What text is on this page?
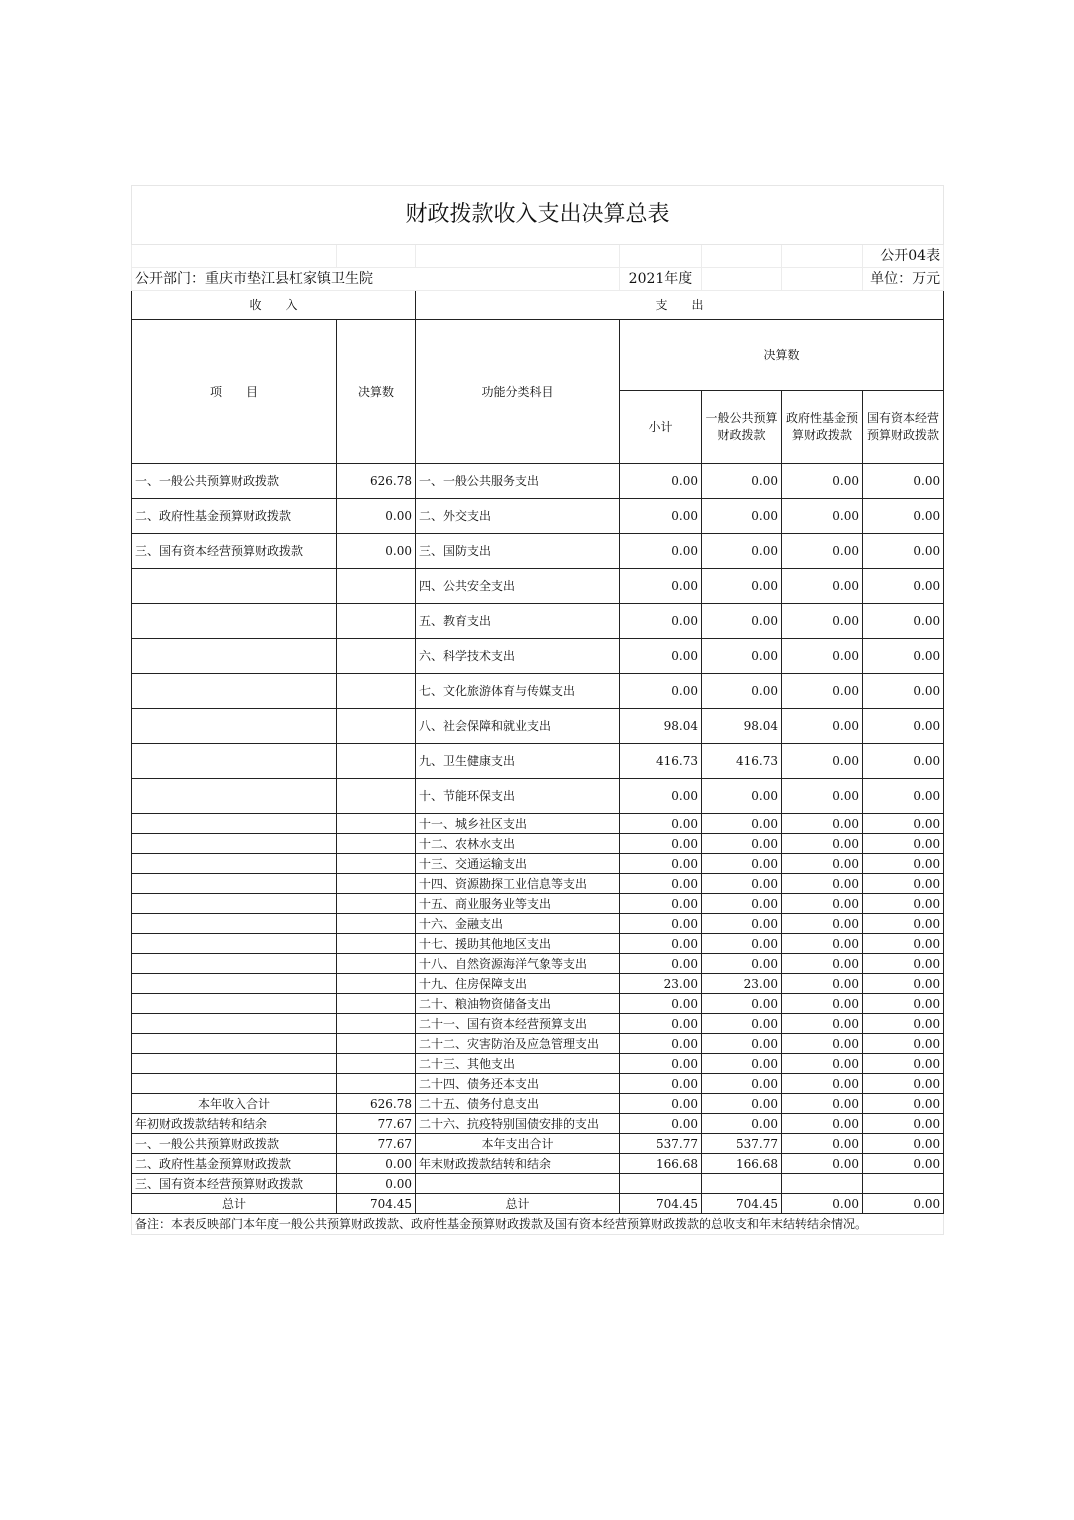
财政拨款收入支出决算总表						
						公开04表
公开部门：重庆市垫江县杠家镇卫生院			2021年度			单位：万元
收　　入		支　　出				
项　　目	决算数	功能分类科目	决算数			
			小计	一般公共预算财政拨款	政府性基金预算财政拨款	国有资本经营预算财政拨款
一、一般公共预算财政拨款	626.78	一、一般公共服务支出	0.00	0.00	0.00	0.00
二、政府性基金预算财政拨款	0.00	二、外交支出	0.00	0.00	0.00	0.00
三、国有资本经营预算财政拨款	0.00	三、国防支出	0.00	0.00	0.00	0.00
		四、公共安全支出	0.00	0.00	0.00	0.00
		五、教育支出	0.00	0.00	0.00	0.00
		六、科学技术支出	0.00	0.00	0.00	0.00
		七、文化旅游体育与传媒支出	0.00	0.00	0.00	0.00
		八、社会保障和就业支出	98.04	98.04	0.00	0.00
		九、卫生健康支出	416.73	416.73	0.00	0.00
		十、节能环保支出	0.00	0.00	0.00	0.00
		十一、城乡社区支出	0.00	0.00	0.00	0.00
		十二、农林水支出	0.00	0.00	0.00	0.00
		十三、交通运输支出	0.00	0.00	0.00	0.00
		十四、资源勘探工业信息等支出	0.00	0.00	0.00	0.00
		十五、商业服务业等支出	0.00	0.00	0.00	0.00
		十六、金融支出	0.00	0.00	0.00	0.00
		十七、援助其他地区支出	0.00	0.00	0.00	0.00
		十八、自然资源海洋气象等支出	0.00	0.00	0.00	0.00
		十九、住房保障支出	23.00	23.00	0.00	0.00
		二十、粮油物资储备支出	0.00	0.00	0.00	0.00
		二十一、国有资本经营预算支出	0.00	0.00	0.00	0.00
		二十二、灾害防治及应急管理支出	0.00	0.00	0.00	0.00
		二十三、其他支出	0.00	0.00	0.00	0.00
		二十四、债务还本支出	0.00	0.00	0.00	0.00
本年收入合计	626.78	二十五、债务付息支出	0.00	0.00	0.00	0.00
年初财政拨款结转和结余	77.67	二十六、抗疫特别国债安排的支出	0.00	0.00	0.00	0.00
一、一般公共预算财政拨款	77.67	本年支出合计	537.77	537.77	0.00	0.00
二、政府性基金预算财政拨款	0.00	年末财政拨款结转和结余	166.68	166.68	0.00	0.00
三、国有资本经营预算财政拨款	0.00					
总计	704.45	总计	704.45	704.45	0.00	0.00
备注：本表反映部门本年度一般公共预算财政拨款、政府性基金预算财政拨款及国有资本经营预算财政拨款的总收支和年末结转结余情况。						
